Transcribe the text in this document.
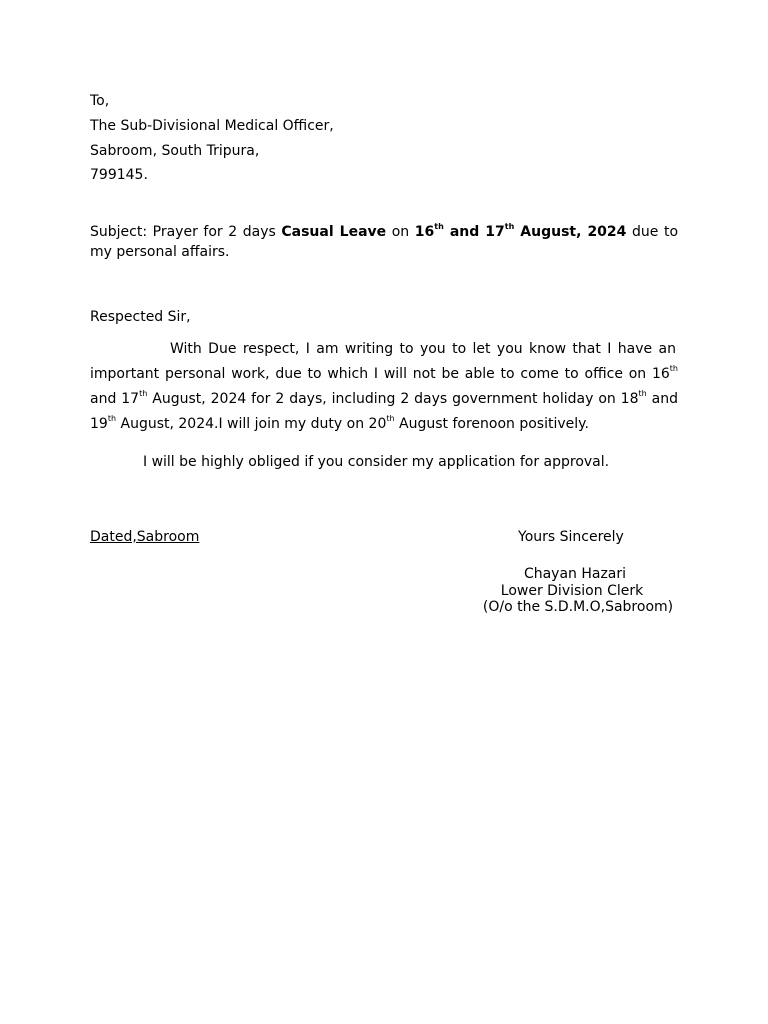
To,
The Sub-Divisional Medical Officer,
Sabroom, South Tripura,
799145.
Subject: Prayer for 2 days Casual Leave on 16th and 17th August, 2024 due to
my personal affairs.
Respected Sir,
With Due respect, I am writing to you to let you know that I have an
important personal work, due to which I will not be able to come to office on 16th
and 17th August, 2024 for 2 days, including 2 days government holiday on 18th and
19th August, 2024.I will join my duty on 20th August forenoon positively.
I will be highly obliged if you consider my application for approval.
Dated,Sabroom	Yours Sincerely
Chayan Hazari
Lower Division Clerk
(O/o the S.D.M.O,Sabroom)
